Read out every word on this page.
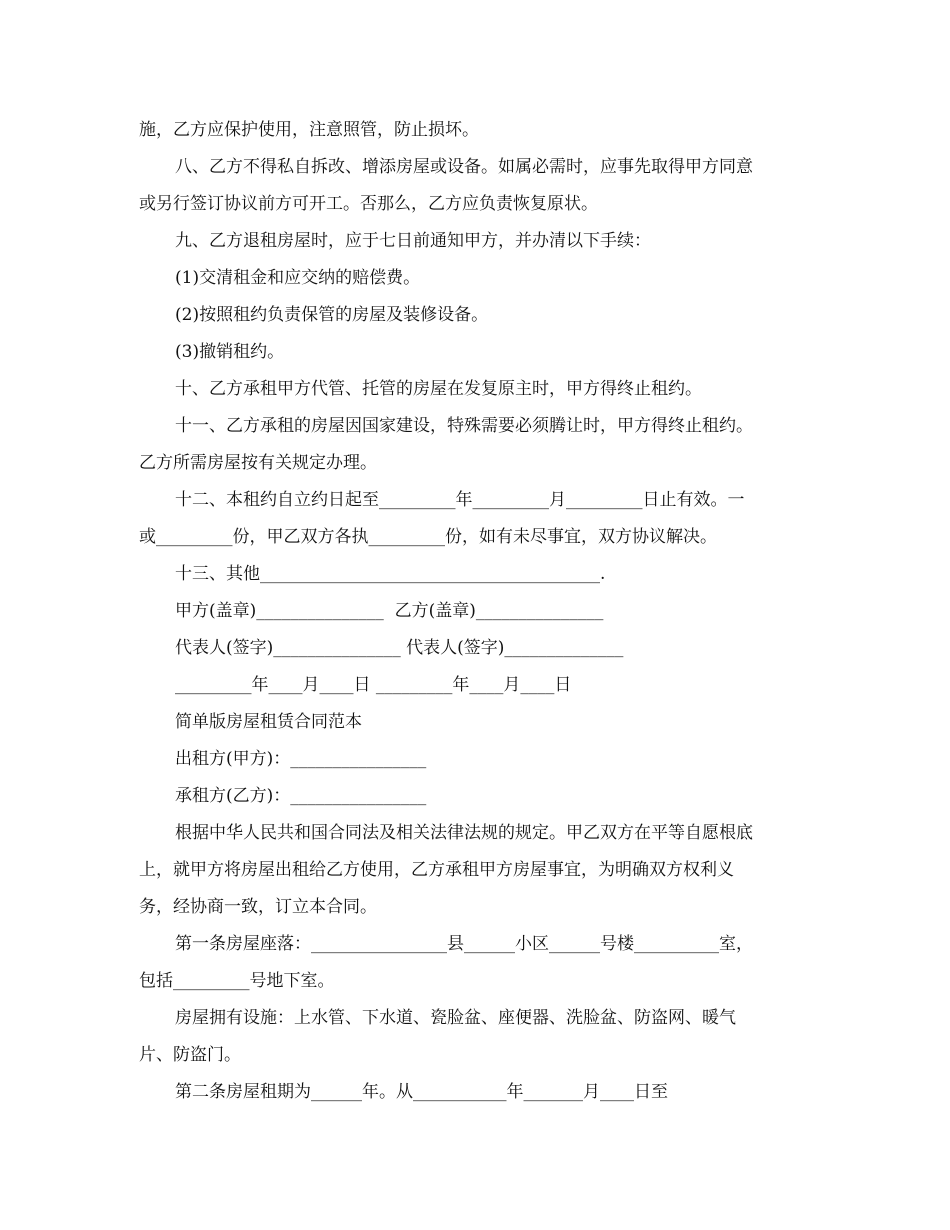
施，乙方应保护使用，注意照管，防止损坏。
八、乙方不得私自拆改、增添房屋或设备。如属必需时，应事先取得甲方同意
或另行签订协议前方可开工。否那么，乙方应负责恢复原状。
九、乙方退租房屋时，应于七日前通知甲方，并办清以下手续：
(1)交清租金和应交纳的赔偿费。
(2)按照租约负责保管的房屋及装修设备。
(3)撤销租约。
十、乙方承租甲方代管、托管的房屋在发复原主时，甲方得终止租约。
十一、乙方承租的房屋因国家建设，特殊需要必须腾让时，甲方得终止租约。
乙方所需房屋按有关规定办理。
十二、本租约自立约日起至_________年_________月_________日止有效。一
或_________份，甲乙双方各执_________份，如有未尽事宜，双方协议解决。
十三、其他________________________________________.
甲方(盖章)_______________  乙方(盖章)_______________
代表人(签字)_______________ 代表人(签字)______________
_________年____月____日 _________年____月____日
简单版房屋租赁合同范本
出租方(甲方)：________________
承租方(乙方)：________________
根据中华人民共和国合同法及相关法律法规的规定。甲乙双方在平等自愿根底
上，就甲方将房屋出租给乙方使用，乙方承租甲方房屋事宜，为明确双方权利义
务，经协商一致，订立本合同。
第一条房屋座落：________________县______小区______号楼__________室，
包括_________号地下室。
房屋拥有设施：上水管、下水道、瓷脸盆、座便器、洗脸盆、防盗网、暖气
片、防盗门。
第二条房屋租期为______年。从___________年_______月____日至
